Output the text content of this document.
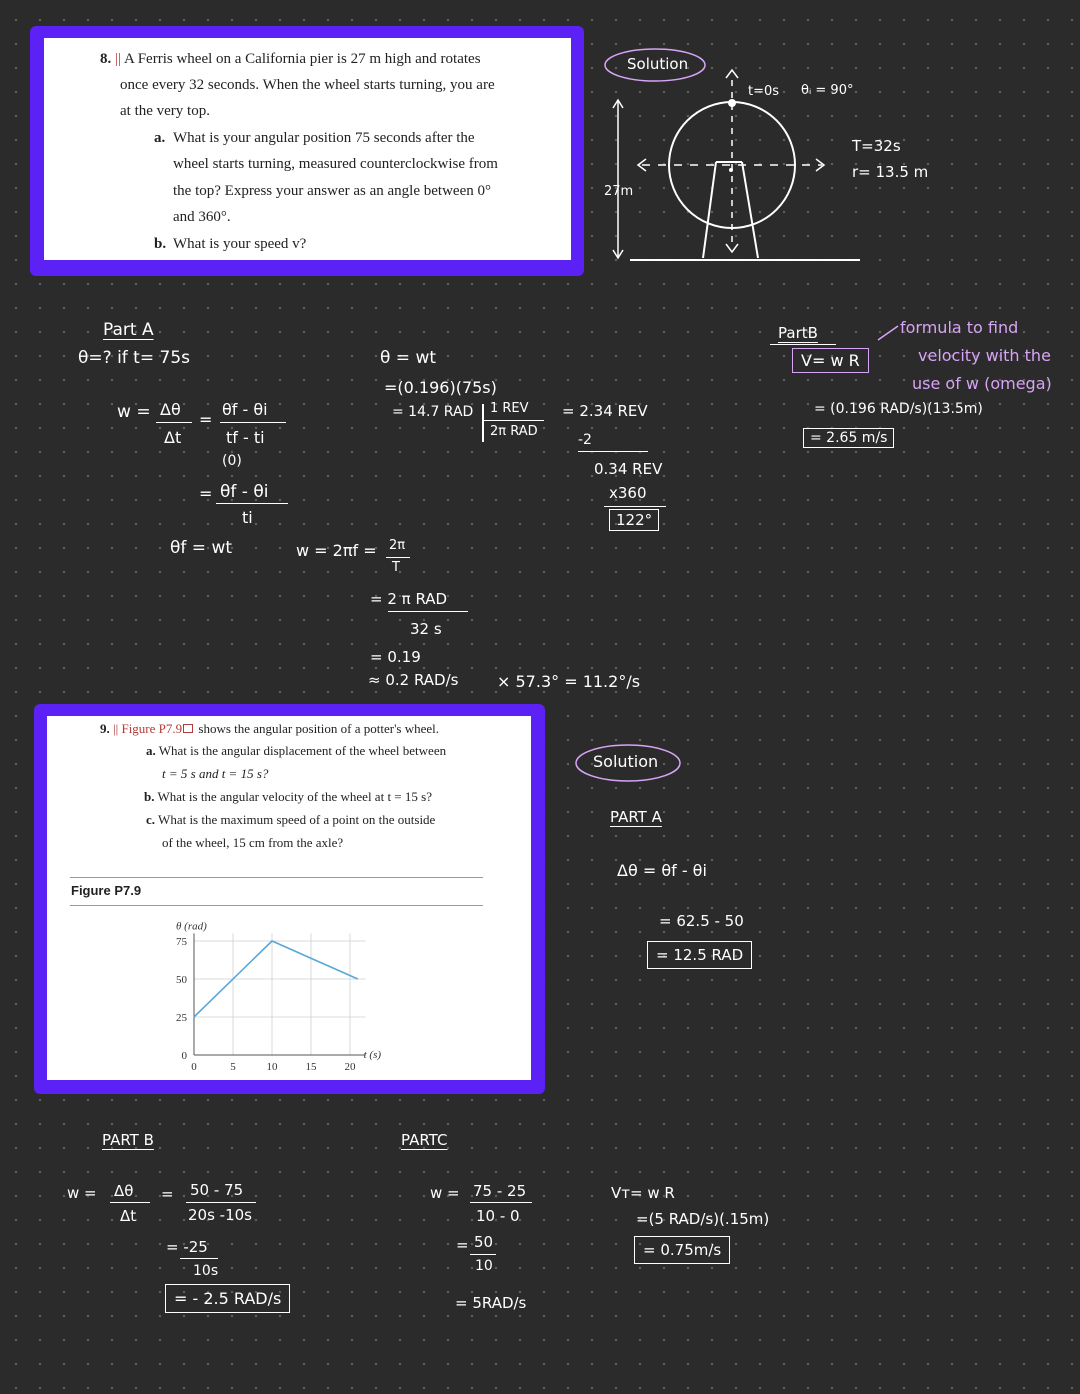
8. || A Ferris wheel on a California pier is 27 m high and rotates
once every 32 seconds. When the wheel starts turning, you are
at the very top.
a. What is your angular position 75 seconds after the
wheel starts turning, measured counterclockwise from
the top? Express your answer as an angle between 0°
and 360°.
b. What is your speed v?
Solution
t=0s θᵢ = 90°
27m
T=32s
r= 13.5 m
Part A
θ=? if t= 75s
w = Δθ
Δt
=
θf - θi
tf - ti
(0)
= θf - θi
ti
θf = wt	w = 2πf = 2π
T
= 2 π RAD
32 s
= 0.19
≈ 0.2 RAD/s × 57.3° = 11.2°/s
θ = wt
=(0.196)(75s)
= 14.7 RAD 1 REV
2π RAD
= 2.34 REV
-2
0.34 REV
x360
122°
PartB
V= w R
= (0.196 RAD/s)(13.5m)
= 2.65 m/s
formula to find
velocity with the
use of w (omega)
9. || Figure P7.9 shows the angular position of a potter's wheel.
a. What is the angular displacement of the wheel between
t = 5 s and t = 15 s?
b. What is the angular velocity of the wheel at t = 15 s?
c. What is the maximum speed of a point on the outside
of the wheel, 15 cm from the axle?
Figure P7.9
0	5	10	15	20
0
25
50
75
θ (rad)
t (s)
Solution
PART A
Δθ = θf - θi
= 62.5 - 50
= 12.5 RAD
PART B
w = Δθ
Δt
= 50 - 75
20s -10s
= -25
10s
= - 2.5 RAD/s
PARTC
w = 75 - 25
10 - 0
= 50
10
= 5RAD/s
Vт= w R
=(5 RAD/s)(.15m)
= 0.75m/s
